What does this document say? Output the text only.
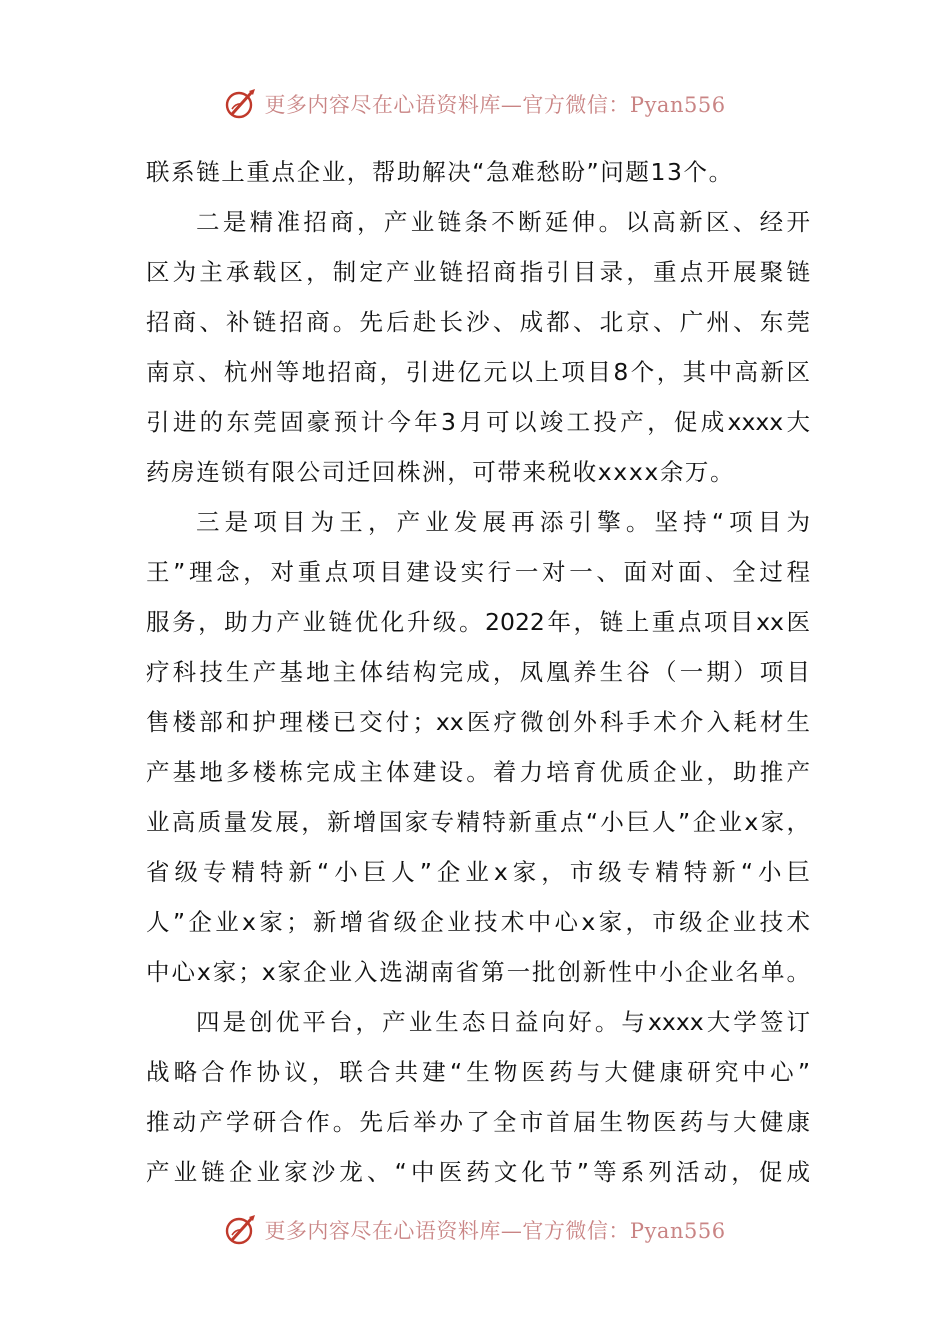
更多内容尽在心语资料库—官方微信：Pyan556
联系链上重点企业，帮助解决“急难愁盼”问题13个。
二是精准招商，产业链条不断延伸。以高新区、经开
区为主承载区，制定产业链招商指引目录，重点开展聚链
招商、补链招商。先后赴长沙、成都、北京、广州、东莞
南京、杭州等地招商，引进亿元以上项目8个，其中高新区
引进的东莞固豪预计今年3月可以竣工投产，促成xxxx大
药房连锁有限公司迁回株洲，可带来税收xxxx余万。
三是项目为王，产业发展再添引擎。坚持“项目为
王”理念，对重点项目建设实行一对一、面对面、全过程
服务，助力产业链优化升级。2022年，链上重点项目xx医
疗科技生产基地主体结构完成，凤凰养生谷（一期）项目
售楼部和护理楼已交付；xx医疗微创外科手术介入耗材生
产基地多楼栋完成主体建设。着力培育优质企业，助推产
业高质量发展，新增国家专精特新重点“小巨人”企业x家，
省级专精特新“小巨人”企业x家，市级专精特新“小巨
人”企业x家；新增省级企业技术中心x家，市级企业技术
中心x家；x家企业入选湖南省第一批创新性中小企业名单。
四是创优平台，产业生态日益向好。与xxxx大学签订
战略合作协议，联合共建“生物医药与大健康研究中心”
推动产学研合作。先后举办了全市首届生物医药与大健康
产业链企业家沙龙、“中医药文化节”等系列活动，促成
更多内容尽在心语资料库—官方微信：Pyan556
